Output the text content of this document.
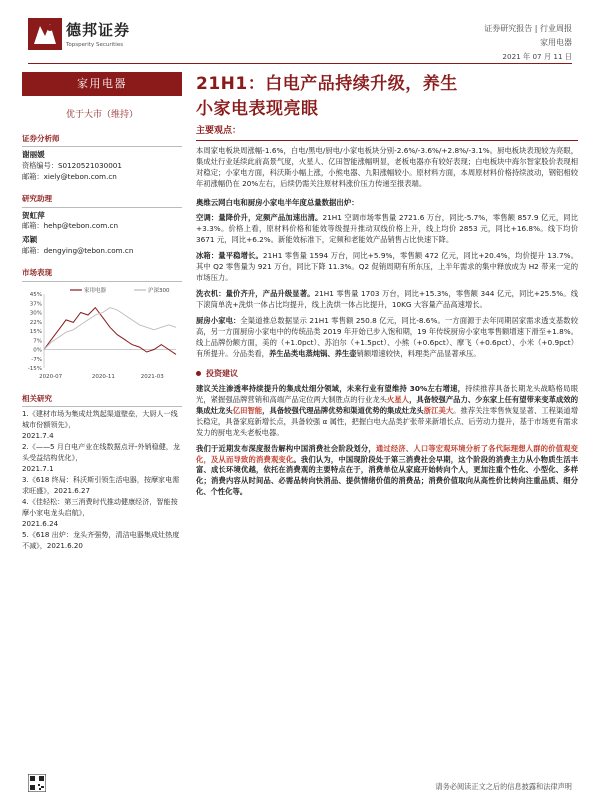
德邦证券
Topsperity Securities
证券研究报告 | 行业周报
家用电器
2021 年 07 月 11 日
家用电器
优于大市（维持）
证券分析师
谢丽媛
资格编号：S0120521030001
邮箱：xiely@tebon.com.cn
研究助理
贺虹萍
邮箱：hehp@tebon.com.cn
邓颖
邮箱：dengying@tebon.com.cn
市场表现
45%
37%
30%
22%
15%
7%
0%
-7%
-15%
2020-07	2020-11	2021-03
家用电器	沪深300
相关研究
1.《建材市场为集成灶筑起渠道壁垒，大厨人一线城市份额领先》，
2021.7.4
2.《——5 月白电产业在线数据点评-外销稳健，龙头受益结构优化》，
2021.7.1
3.《618 终局：科沃斯引领生活电器，按摩家电需求旺盛》，2021.6.27
4.《佳轻松：第三消费时代推动健康经济，智能按摩小家电龙头启航》，
2021.6.24
5.《618 出炉：龙头齐强势，清洁电器集成灶热度不减》，2021.6.20
21H1：白电产品持续升级，养生
小家电表现亮眼
主要观点：

本周家电板块周涨幅-1.6%，白电/黑电/厨电/小家电板块分别-2.6%/-3.6%/+2.8%/-3.1%。厨电板块表现较为亮眼，集成灶行业延续此前高景气度，火星人、亿田智能涨幅明显，老板电器亦有较好表现；白电板块中海尔智家股价表现相对稳定；小家电方面，科沃斯小幅上涨，小熊电器、九阳涨幅较小。原材料方面，本周原材料价格持续波动，钢铝相较年初涨幅仍在 20%左右，后续仍需关注原材料涨价压力传递至报表端。

奥维云网白电和厨房小家电半年度总量数据出炉：

空调：量降价升，定频产品加速出清。21H1 空调市场零售量 2721.6 万台，同比-5.7%，零售额 857.9 亿元，同比+3.3%。价格上看，原材料价格和能效等级提升推动双线价格上升，线上均价 2853 元，同比+16.8%。线下均价 3671 元，同比+6.2%。新能效标准下，定频和老能效产品销售占比快速下降。

冰箱：量平稳增长。21H1 零售量 1594 万台，同比+5.9%，零售额 472 亿元，同比+20.4%，均价提升 13.7%。其中 Q2 零售量为 921 万台，同比下降 11.3%。Q2 促销周期有所东压，上半年需求的集中释放成为 H2 带来一定的市场压力。

洗衣机：量价齐升，产品升级显著。21H1 零售量 1703 万台，同比+15.3%，零售额 344 亿元，同比+25.5%。线下滚筒单洗+洗烘一体占比均提升，线上洗烘一体占比提升，10KG 大容量产品高速增长。

厨房小家电：全渠道推总数据显示 21H1 零售额 250.8 亿元，同比-8.6%。一方面源于去年同期居家需求透支基数较高，另一方面厨房小家电中的传统品类 2019 年开始已步入饱和期，19 年传统厨房小家电零售额增速下滑至+1.8%。线上品牌份额方面，美的（+1.0pct）、苏泊尔（+1.5pct）、小熊（+0.6pct）、摩飞（+0.6pct）、小米（+0.9pct）有所提升。分品类看，养生品类电蒸炖锅、养生壶销额增速较快，料理类产品显著承压。

投资建议

建议关注渗透率持续提升的集成灶细分领域，未来行业有望维持 30%左右增速，持续推荐具备长期龙头战略格局眼光，紧握强品牌营销和高端产品定位两大制胜点的行业龙头火星人，具备较强产品力、少东家上任有望带来变革成效的集成灶龙头亿田智能，具备较强代理品牌优势和渠道优势的集成灶龙头浙江美大。推荐关注零售恢复显著、工程渠道增长稳定，具备家庭新增长点，具备较强 α 属性，把握白电大品类扩张带来新增长点、后劳动力提升，基于市场更有需求发力的厨电龙头老板电器。

我们于近期发布深度报告解构中国消费社会阶段划分，通过经济、人口等宏观环境分析了各代际理想人群的价值观变化，及从而导致的消费观变化。我们认为，中国现阶段处于第三消费社会早期，这个阶段的消费主力从小物质生活丰富、成长环境优越，依托在消费观的主要特点在于，消费单位从家庭开始转向个人，更加注重个性化、小型化、多样化；消费内容从时间品、必需品转向快消品、提供情绪价值的消费品；消费价值取向从高性价比转向注重品质、细分化、个性化等。

请务必阅读正文之后的信息披露和法律声明
